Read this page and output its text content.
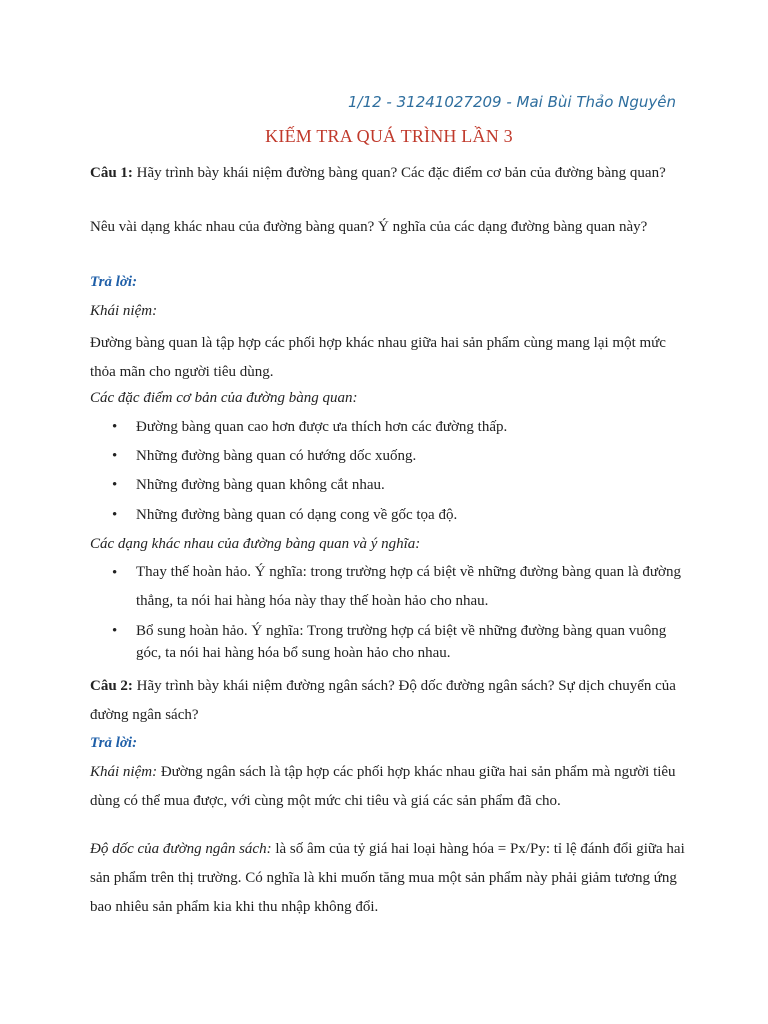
1/12 - 31241027209 - Mai Bùi Thảo Nguyên
KIẾM TRA QUÁ TRÌNH LẦN 3
Câu 1: Hãy trình bày khái niệm đường bàng quan? Các đặc điểm cơ bản của đường bàng quan?
Nêu vài dạng khác nhau của đường bàng quan? Ý nghĩa của các dạng đường bàng quan này?
Trả lời:
Khái niệm:
Đường bàng quan là tập hợp các phối hợp khác nhau giữa hai sản phẩm cùng mang lại một mức thỏa mãn cho người tiêu dùng.
Các đặc điểm cơ bản của đường bàng quan:
• Đường bàng quan cao hơn được ưa thích hơn các đường thấp.
• Những đường bàng quan có hướng dốc xuống.
• Những đường bàng quan không cắt nhau.
• Những đường bàng quan có dạng cong về gốc tọa độ.
Các dạng khác nhau của đường bàng quan và ý nghĩa:
• Thay thế hoàn hảo. Ý nghĩa: trong trường hợp cá biệt về những đường bàng quan là đường thẳng, ta nói hai hàng hóa này thay thế hoàn hảo cho nhau.
• Bổ sung hoàn hảo. Ý nghĩa: Trong trường hợp cá biệt về những đường bàng quan vuông góc, ta nói hai hàng hóa bổ sung hoàn hảo cho nhau.
Câu 2: Hãy trình bày khái niệm đường ngân sách? Độ dốc đường ngân sách? Sự dịch chuyển của đường ngân sách?
Trả lời:
Khái niệm: Đường ngân sách là tập hợp các phối hợp khác nhau giữa hai sản phẩm mà người tiêu dùng có thể mua được, với cùng một mức chi tiêu và giá các sản phẩm đã cho.
Độ dốc của đường ngân sách: là số âm của tỷ giá hai loại hàng hóa = Px/Py: tỉ lệ đánh đổi giữa hai sản phẩm trên thị trường. Có nghĩa là khi muốn tăng mua một sản phẩm này phải giảm tương ứng bao nhiêu sản phẩm kia khi thu nhập không đổi.
